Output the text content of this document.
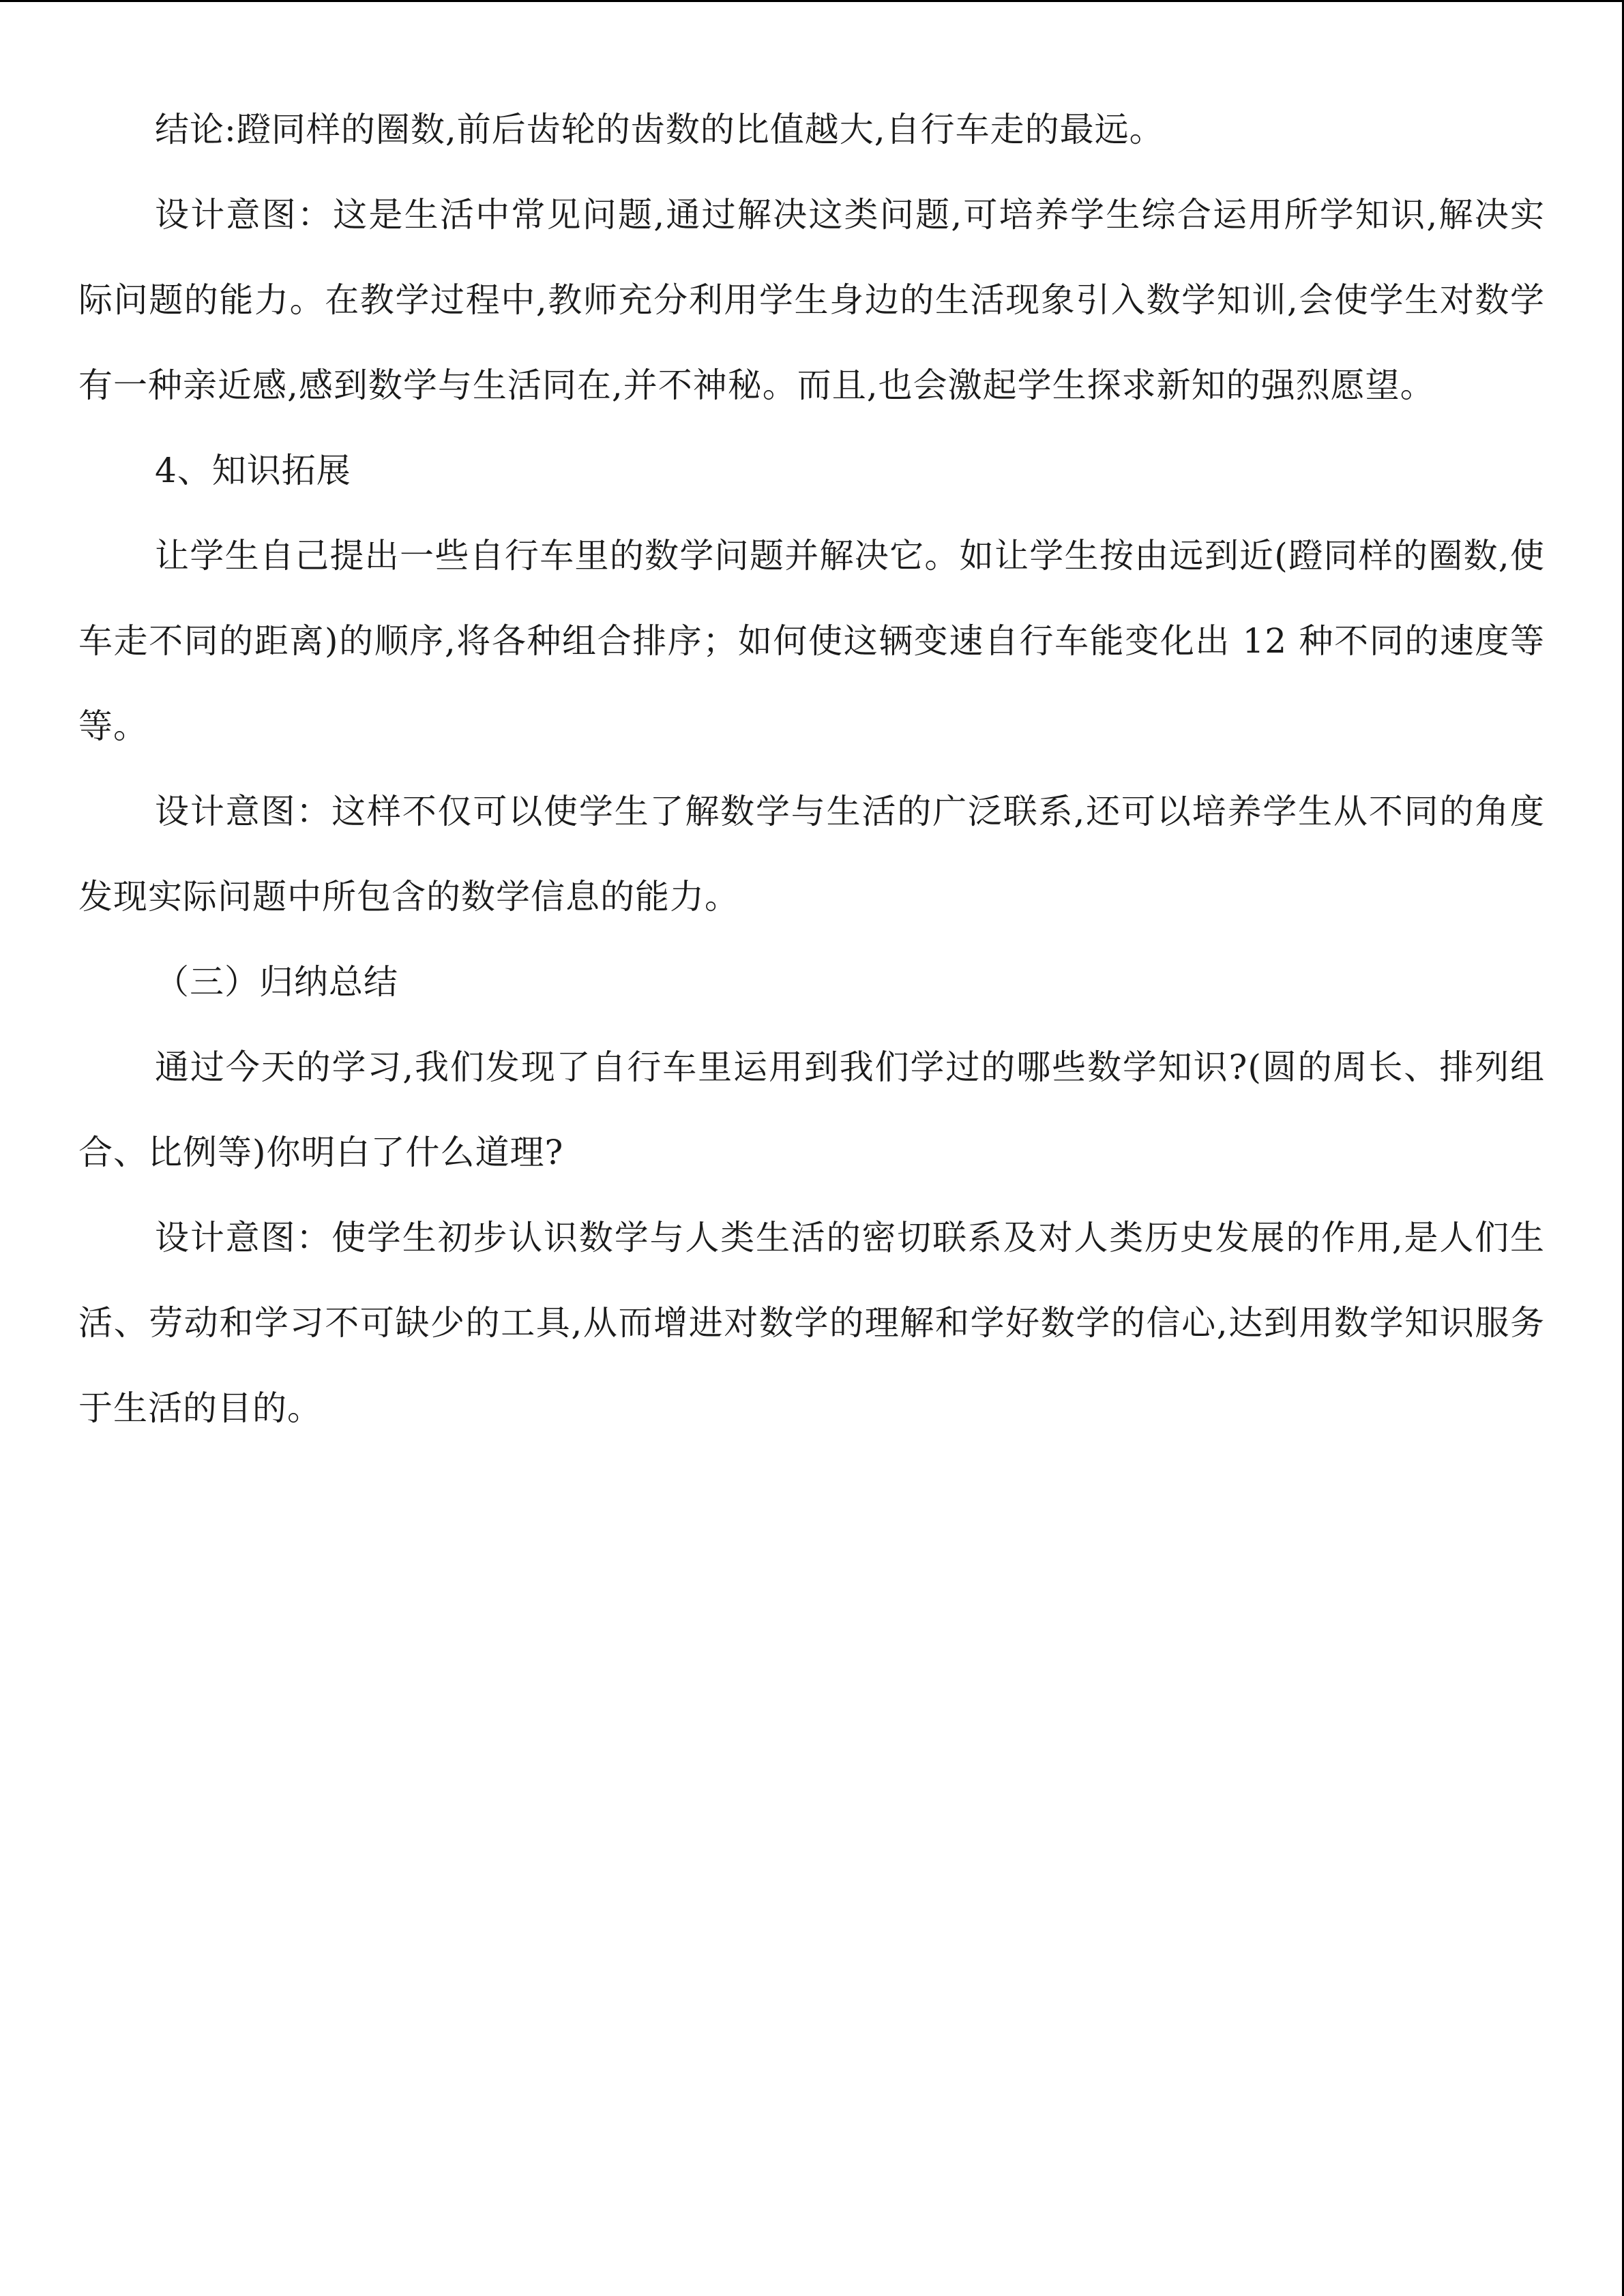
结论:蹬同样的圈数,前后齿轮的齿数的比值越大,自行车走的最远。

设计意图：这是生活中常见问题,通过解决这类问题,可培养学生综合运用所学知识,解决实际问题的能力。在教学过程中,教师充分利用学生身边的生活现象引入数学知训,会使学生对数学有一种亲近感,感到数学与生活同在,并不神秘。而且,也会激起学生探求新知的强烈愿望。

4、知识拓展

让学生自己提出一些自行车里的数学问题并解决它。如让学生按由远到近(蹬同样的圈数,使车走不同的距离)的顺序,将各种组合排序；如何使这辆变速自行车能变化出 12 种不同的速度等等。

设计意图：这样不仅可以使学生了解数学与生活的广泛联系,还可以培养学生从不同的角度发现实际问题中所包含的数学信息的能力。

（三）归纳总结

通过今天的学习,我们发现了自行车里运用到我们学过的哪些数学知识?(圆的周长、排列组合、比例等)你明白了什么道理?

设计意图：使学生初步认识数学与人类生活的密切联系及对人类历史发展的作用,是人们生活、劳动和学习不可缺少的工具,从而增进对数学的理解和学好数学的信心,达到用数学知识服务于生活的目的。
